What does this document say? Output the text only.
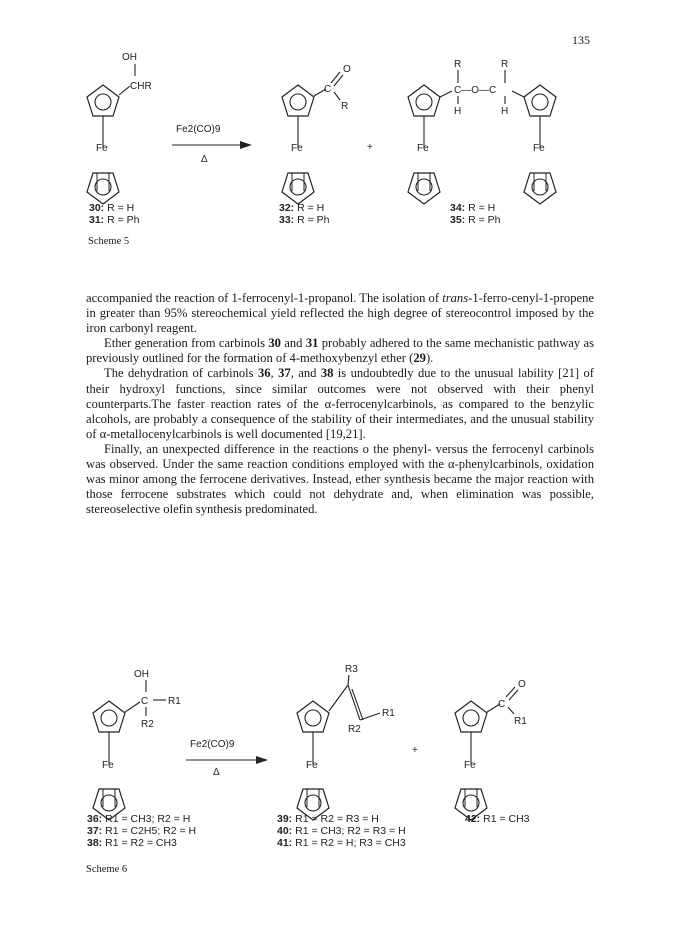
135
OH
CHR
Fe
Fe2(CO)9
Δ
C
O
R
Fe	+
C—O—C
R	R
H	H
Fe	Fe
30: R = H
31: R = Ph
32: R = H
33: R = Ph
34: R = H
35: R = Ph
Scheme 5

accompanied the reaction of 1-ferrocenyl-1-propanol. The isolation of trans-1-ferro-cenyl-1-propene in greater than 95% stereochemical yield reflected the high degree of stereocontrol imposed by the iron carbonyl reagent.

Ether generation from carbinols 30 and 31 probably adhered to the same mechanistic pathway as previously outlined for the formation of 4-methoxybenzyl ether (29).

The dehydration of carbinols 36, 37, and 38 is undoubtedly due to the unusual lability [21] of their hydroxyl functions, since similar outcomes were not observed with their phenyl counterparts.The faster reaction rates of the α-ferrocenylcarbinols, as compared to the benzylic alcohols, are probably a consequence of the stability of their intermediates, and the unusual stability of α-metallocenylcarbinols is well documented [19,21].

Finally, an unexpected difference in the reactions o the phenyl- versus the ferrocenyl carbinols was observed. Under the same reaction conditions employed with the α-phenylcarbinols, oxidation was minor among the ferrocene derivatives. Instead, ether synthesis became the major reaction with those ferrocene substrates which could not dehydrate and, when elimination was possible, stereoselective olefin synthesis predominated.

OH
C R1
R2
Fe
Fe2(CO)9
Δ
R3
R1
R2
Fe
+
C
O
R1
Fe
36: R1 = CH3; R2 = H
37: R1 = C2H5; R2 = H
38: R1 = R2 = CH3
39: R1 = R2 = R3 = H
40: R1 = CH3; R2 = R3 = H
41: R1 = R2 = H; R3 = CH3
42: R1 = CH3
Scheme 6
